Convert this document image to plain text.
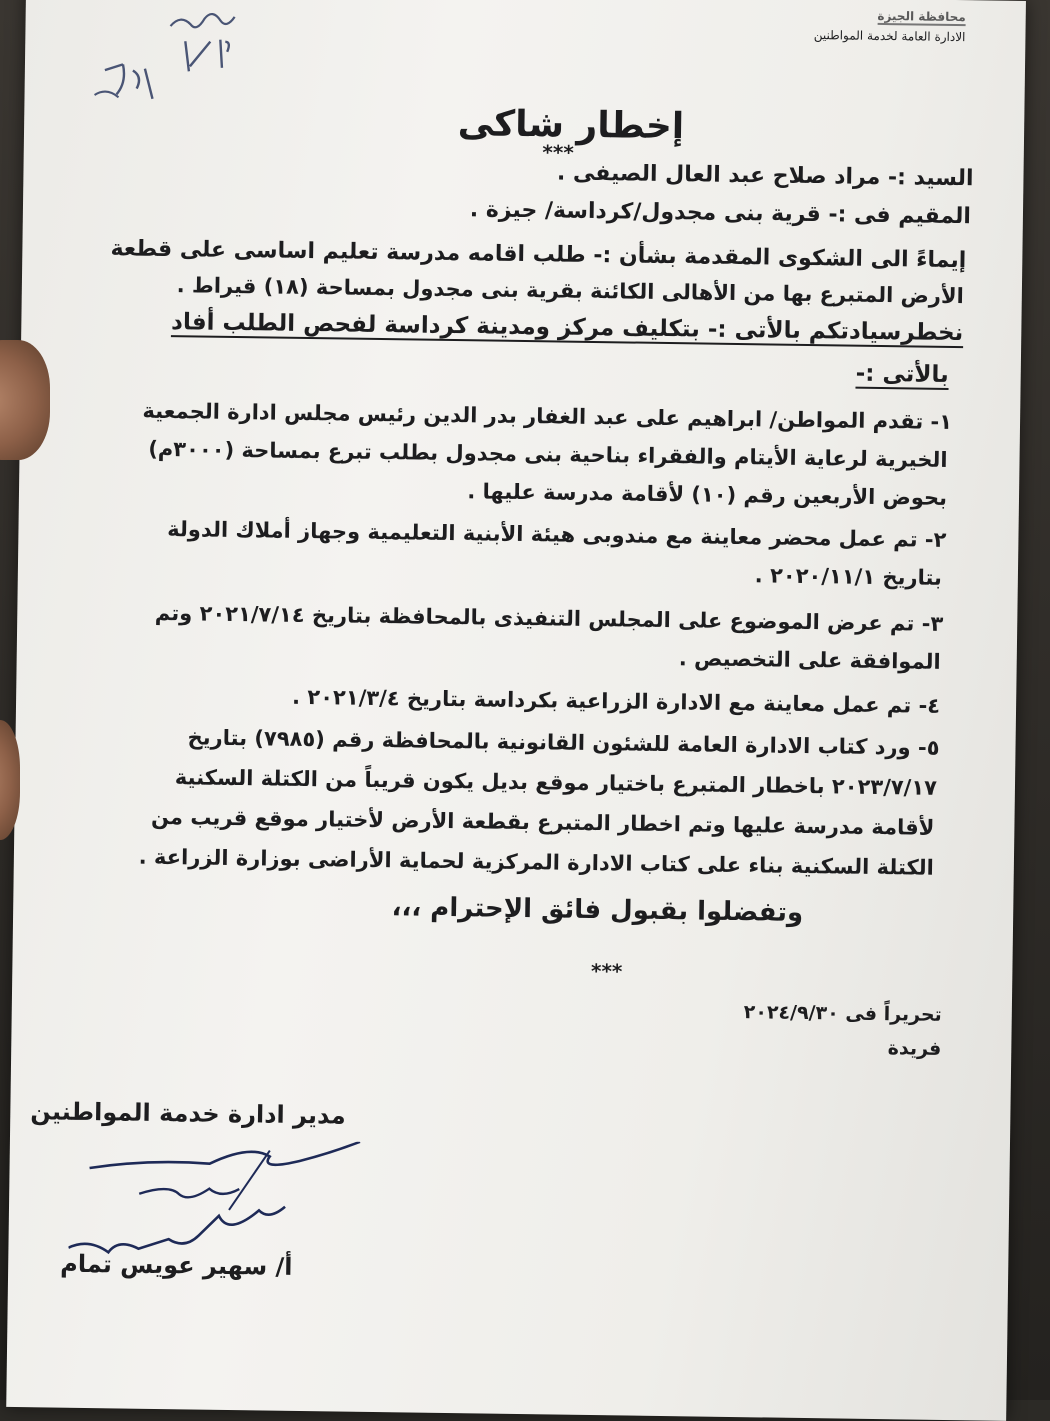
محافظة الجيزة
الادارة العامة لخدمة المواطنين
إخطار شاكى
***
السيد :- مراد صلاح عبد العال الصيفى .
المقيم فى :- قرية بنى مجدول/كرداسة/ جيزة .
إيماءً الى الشكوى المقدمة بشأن :- طلب اقامه مدرسة تعليم اساسى على قطعة
الأرض المتبرع بها من الأهالى الكائنة بقرية بنى مجدول بمساحة (١٨) قيراط .
نخطرسيادتكم بالأتى :- بتكليف مركز ومدينة كرداسة لفحص الطلب أفاد
بالأتى :-
١- تقدم المواطن/ ابراهيم على عبد الغفار بدر الدين رئيس مجلس ادارة الجمعية
الخيرية لرعاية الأيتام والفقراء بناحية بنى مجدول بطلب تبرع بمساحة (٣٠٠٠م)
بحوض الأربعين رقم (١٠) لأقامة مدرسة عليها .
٢- تم عمل محضر معاينة مع مندوبى هيئة الأبنية التعليمية وجهاز أملاك الدولة
بتاريخ ٢٠٢٠/١١/١ .
٣- تم عرض الموضوع على المجلس التنفيذى بالمحافظة بتاريخ ٢٠٢١/٧/١٤ وتم
الموافقة على التخصيص .
٤- تم عمل معاينة مع الادارة الزراعية بكرداسة بتاريخ ٢٠٢١/٣/٤ .
٥- ورد كتاب الادارة العامة للشئون القانونية بالمحافظة رقم (٧٩٨٥) بتاريخ
٢٠٢٣/٧/١٧ باخطار المتبرع باختيار موقع بديل يكون قريباً من الكتلة السكنية
لأقامة مدرسة عليها وتم اخطار المتبرع بقطعة الأرض لأختيار موقع قريب من
الكتلة السكنية بناء على كتاب الادارة المركزية لحماية الأراضى بوزارة الزراعة .
وتفضلوا بقبول فائق الإحترام ،،،
***
تحريراً فى ٢٠٢٤/٩/٣٠
فريدة
مدير ادارة خدمة المواطنين
أ/ سهير عويس تمام
